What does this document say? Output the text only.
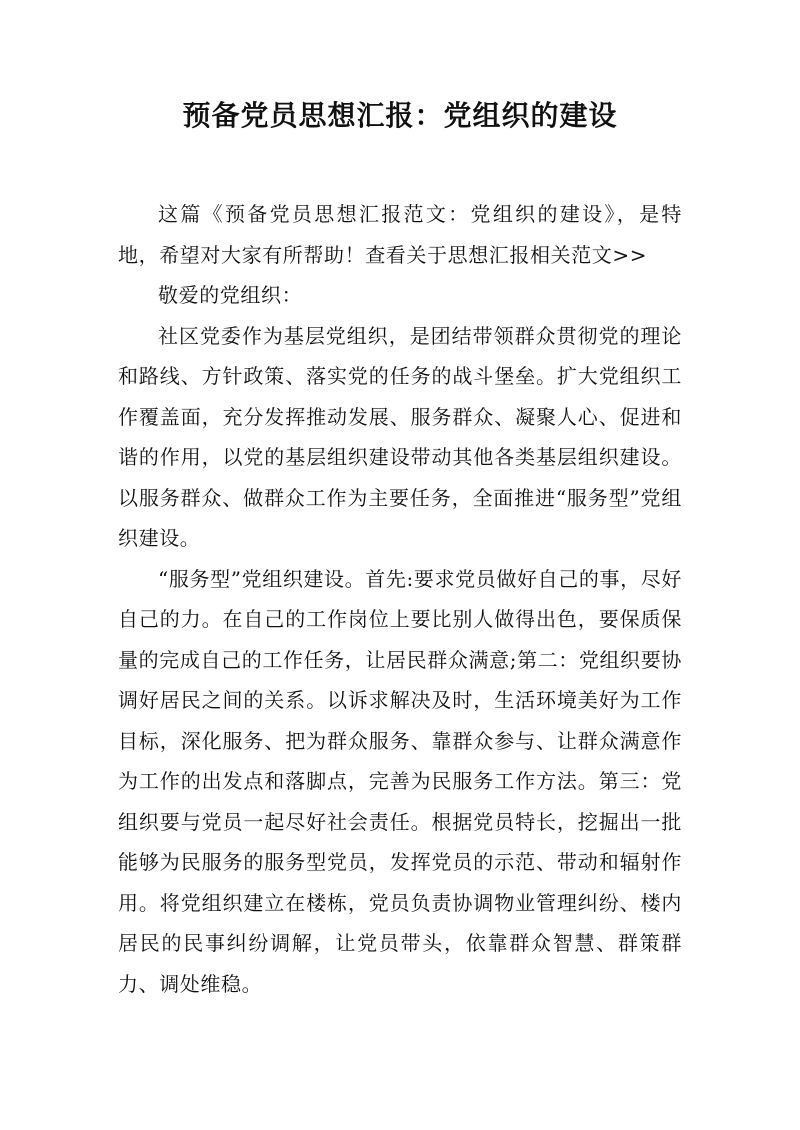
预备党员思想汇报：党组织的建设

这篇《预备党员思想汇报范文：党组织的建设》，是特地，希望对大家有所帮助！查看关于思想汇报相关范文>>

敬爱的党组织：

社区党委作为基层党组织，是团结带领群众贯彻党的理论和路线、方针政策、落实党的任务的战斗堡垒。扩大党组织工作覆盖面，充分发挥推动发展、服务群众、凝聚人心、促进和谐的作用，以党的基层组织建设带动其他各类基层组织建设。以服务群众、做群众工作为主要任务，全面推进“服务型”党组织建设。

“服务型”党组织建设。首先:要求党员做好自己的事，尽好自己的力。在自己的工作岗位上要比别人做得出色，要保质保量的完成自己的工作任务，让居民群众满意;第二：党组织要协调好居民之间的关系。以诉求解决及时，生活环境美好为工作目标，深化服务、把为群众服务、靠群众参与、让群众满意作为工作的出发点和落脚点，完善为民服务工作方法。第三：党组织要与党员一起尽好社会责任。根据党员特长，挖掘出一批能够为民服务的服务型党员，发挥党员的示范、带动和辐射作用。将党组织建立在楼栋，党员负责协调物业管理纠纷、楼内居民的民事纠纷调解，让党员带头，依靠群众智慧、群策群力、调处维稳。
